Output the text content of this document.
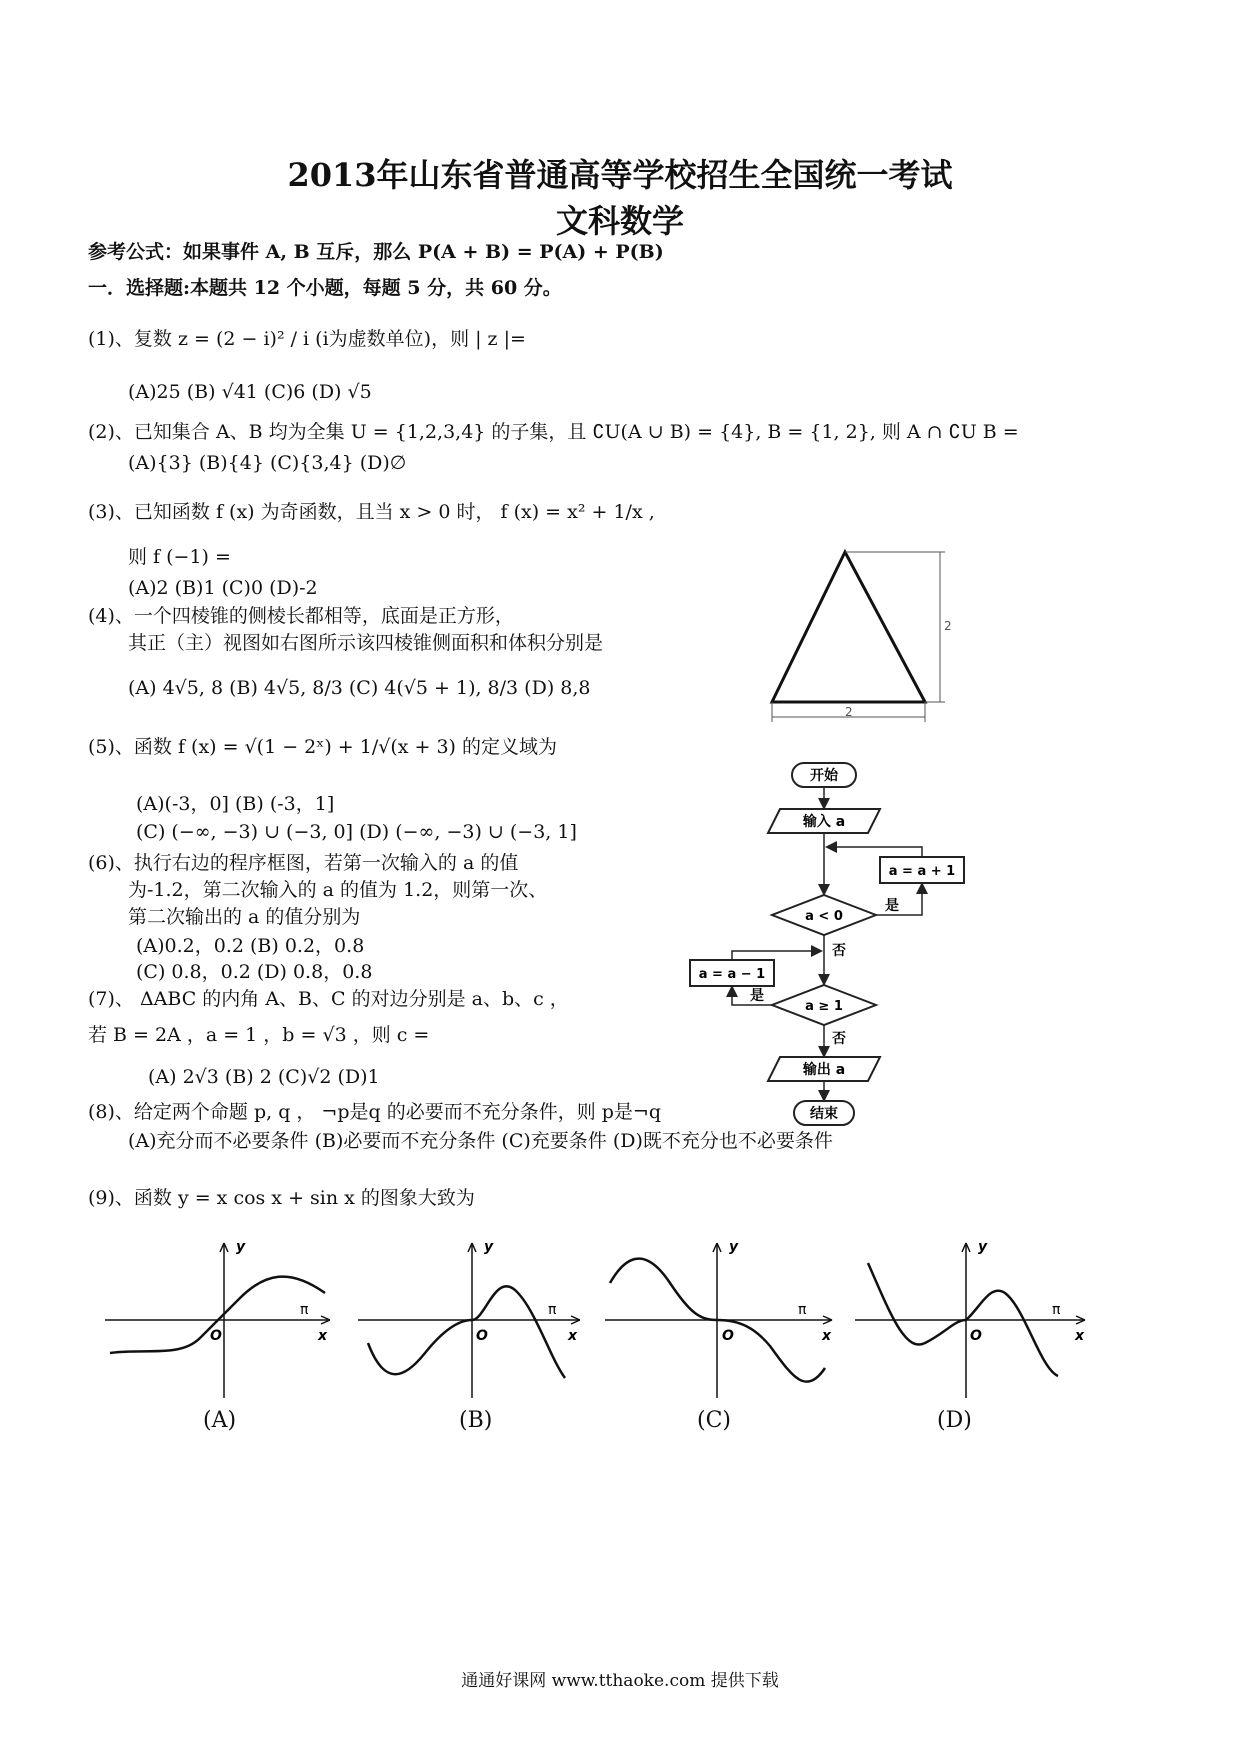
2013年山东省普通高等学校招生全国统一考试
文科数学
参考公式：如果事件 A, B 互斥，那么 P(A + B) = P(A) + P(B)
一．选择题:本题共 12 个小题，每题 5 分，共 60 分。
(1)、复数 z = (2 − i)² / i (i为虚数单位)，则 | z |=
(A)25 (B) √41 (C)6 (D) √5
(2)、已知集合 A、B 均为全集 U = {1,2,3,4} 的子集，且 ∁U(A ∪ B) = {4}, B = {1, 2}, 则 A ∩ ∁U B =
(A){3} (B){4} (C){3,4} (D)∅
(3)、已知函数 f (x) 为奇函数，且当 x > 0 时， f (x) = x² + 1/x ,
则 f (−1) =
(A)2 (B)1 (C)0 (D)-2
(4)、一个四棱锥的侧棱长都相等，底面是正方形，
其正（主）视图如右图所示该四棱锥侧面积和体积分别是
(A) 4√5, 8 (B) 4√5, 8/3 (C) 4(√5 + 1), 8/3 (D) 8,8
2
2
(5)、函数 f (x) = √(1 − 2ˣ) + 1/√(x + 3) 的定义域为
(A)(-3，0] (B) (-3，1]
(C) (−∞, −3) ∪ (−3, 0] (D) (−∞, −3) ∪ (−3, 1]
(6)、执行右边的程序框图，若第一次输入的 a 的值
为-1.2，第二次输入的 a 的值为 1.2，则第一次、
第二次输出的 a 的值分别为
(A)0.2，0.2 (B) 0.2，0.8
(C) 0.8，0.2 (D) 0.8，0.8
(7)、 ΔABC 的内角 A、B、C 的对边分别是 a、b、c ，
若 B = 2A ，a = 1 ，b = √3 ，则 c =
(A) 2√3 (B) 2 (C)√2 (D)1
(8)、给定两个命题 p, q ， ¬p是q 的必要而不充分条件，则 p是¬q
(A)充分而不必要条件 (B)必要而不充分条件 (C)充要条件 (D)既不充分也不必要条件
(9)、函数 y = x cos x + sin x 的图象大致为
开始
输入 a
a = a + 1
a < 0
是
否
a = a − 1
a ≥ 1
是
否
输出 a
结束
y
x
O
π
y
x
O
π
y
x
O
π
y
x
O
π
(A)	(B)	(C)	(D)
通通好课网 www.tthaoke.com 提供下载
